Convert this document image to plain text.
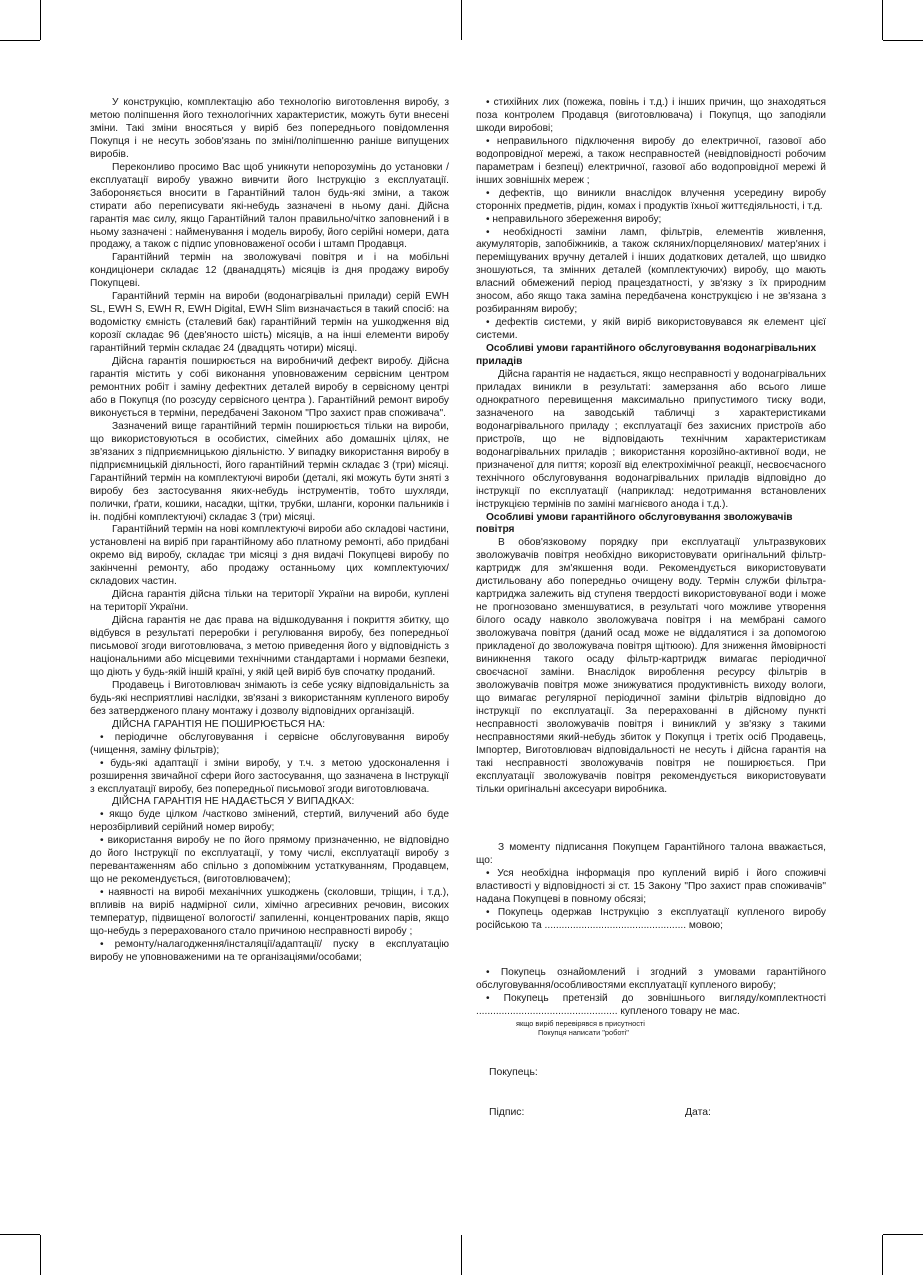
У конструкцію, комплектацію або технологію виготовлення виробу, з метою поліпшення його технологічних характеристик, можуть бути внесені зміни. Такі зміни вносяться у виріб без попереднього повідомлення Покупця і не несуть зобов'язань по зміні/поліпшенню раніше випущених виробів.

Переконливо просимо Вас щоб уникнути непорозумінь до установки /експлуатації виробу уважно вивчити його Інструкцію з експлуатації. Забороняється вносити в Гарантійний талон будь-які зміни, а також стирати або переписувати які-небудь зазначені в ньому дані. Дійсна гарантія має силу, якщо Гарантійний талон правильно/чітко заповнений і в ньому зазначені : найменування і модель виробу, його серійні номери, дата продажу, а також с підпис уповноваженої особи і штамп Продавця.

Гарантійний термін на зволожувачі повітря и і на мобільні кондиціонери складає 12 (дванадцять) місяців із дня продажу виробу Покупцеві.

Гарантійний термін на вироби (водонагрівальні прилади) серій EWH SL, EWH S, EWH R, EWH Digital, EWH Slim визначається в такий спосіб: на водомістку ємність (сталевий бак) гарантійний термін на ушкодження від корозії складає 96 (дев'яносто шість) місяців, а на інші елементи виробу гарантійний термін складає 24 (двадцять чотири) місяці.

Дійсна гарантія поширюється на виробничий дефект виробу. Дійсна гарантія містить у собі виконання уповноваженим сервісним центром ремонтних робіт і заміну дефектних деталей виробу в сервісному центрі або в Покупця (по розсуду сервісного центра ). Гарантійний ремонт виробу виконується в терміни, передбачені Законом "Про захист прав споживача".

Зазначений вище гарантійний термін поширюється тільки на вироби, що використовуються в особистих, сімейних або домашніх цілях, не зв'язаних з підприємницькою діяльністю. У випадку використання виробу в підприємницькій діяльності, його гарантійний термін складає 3 (три) місяці. Гарантійний термін на комплектуючі вироби (деталі, які можуть бути зняті з виробу без застосування яких-небудь інструментів, тобто шухляди, полички, ґрати, кошики, насадки, щітки, трубки, шланги, коронки пальників і ін. подібні комплектуючі) складає 3 (три) місяці.

Гарантійний термін на нові комплектуючі вироби або складові частини, установлені на виріб при гарантійному або платному ремонті, або придбані окремо від виробу, складає три місяці з дня видачі Покупцеві виробу по закінченні ремонту, або продажу останньому цих комплектуючих/складових частин.

Дійсна гарантія дійсна тільки на території України на вироби, куплені на території України.

Дійсна гарантія не дає права на відшкодування і покриття збитку, що відбувся в результаті переробки і регулювання виробу, без попередньої письмової згоди виготовлювача, з метою приведення його у відповідність з національними або місцевими технічними стандартами і нормами безпеки, що діють у будь-якій іншій країні, у якій цей виріб був спочатку проданий.

Продавець і Виготовлювач знімають із себе усяку відповідальність за будь-які несприятливі наслідки, зв'язані з використанням купленого виробу без затвердженого плану монтажу і дозволу відповідних організацій.

ДІЙСНА ГАРАНТІЯ НЕ ПОШИРЮЄТЬСЯ НА:

• періодичне обслуговування і сервісне обслуговування виробу (чищення, заміну фільтрів);

• будь-які адаптації і зміни виробу, у т.ч. з метою удосконалення і розширення звичайної сфери його застосування, що зазначена в Інструкції з експлуатації виробу, без попередньої письмової згоди виготовлювача.

ДІЙСНА ГАРАНТІЯ НЕ НАДАЄТЬСЯ У ВИПАДКАХ:

• якщо буде цілком /частково змінений, стертий, вилучений або буде нерозбірливий серійний номер виробу;

• використання виробу не по його прямому призначенню, не відповідно до його Інструкції по експлуатації, у тому числі, експлуатації виробу з перевантаженням або спільно з допоміжним устаткуванням, Продавцем, що не рекомендується, (виготовлювачем);

• наявності на виробі механічних ушкоджень (сколовши, тріщин, і т.д.), впливів на виріб надмірної сили, хімічно агресивних речовин, високих температур, підвищеної вологості/ запиленні, концентрованих парів, якщо що-небудь з перерахованого стало причиною несправності виробу ;

• ремонту/налагодження/інсталяції/адаптації/ пуску в експлуатацію виробу не уповноваженими на те організаціями/особами;

• стихійних лих (пожежа, повінь і т.д.) і інших причин, що знаходяться поза контролем Продавця (виготовлювача) і Покупця, що заподіяли шкоди виробові;

• неправильного підключення виробу до електричної, газової або водопровідної мережі, а також несправностей (невідповідності робочим параметрам і безпеці) електричної, газової або водопровідної мережі й інших зовнішніх мереж ;

• дефектів, що виникли внаслідок влучення усередину виробу сторонніх предметів, рідин, комах і продуктів їхньої життєдіяльності, і т.д.

• неправильного збереження виробу;

• необхідності заміни ламп, фільтрів, елементів живлення, акумуляторів, запобіжників, а також скляних/порцелянових/ матер'яних і переміщуваних вручну деталей і інших додаткових деталей, що швидко зношуються, та змінних деталей (комплектуючих) виробу, що мають власний обмежений період працездатності, у зв'язку з їх природним зносом, або якщо така заміна передбачена конструкцією і не зв'язана з розбиранням виробу;

• дефектів системи, у якій виріб використовувався як елемент цієї системи.

Особливі умови гарантійного обслуговування водонагрівальних приладів

Дійсна гарантія не надається, якщо несправності у водонагрівальних приладах виникли в результаті: замерзання або всього лише однократного перевищення максимально припустимого тиску води, зазначеного на заводській табличці з характеристиками водонагрівального приладу ; експлуатації без захисних пристроїв або пристроїв, що не відповідають технічним характеристикам водонагрівальних приладів ; використання корозійно-активної води, не призначеної для пиття; корозії від електрохімічної реакції, несвоєчасного технічного обслуговування водонагрівальних приладів відповідно до інструкції по експлуатації (наприклад: недотримання встановлених інструкцією термінів по заміні магнієвого анода і т.д.).

Особливі умови гарантійного обслуговування зволожувачів повітря

В обов'язковому порядку при експлуатації ультразвукових зволожувачів повітря необхідно використовувати оригінальний фільтр-картридж для зм'якшення води. Рекомендується використовувати дистильовану або попередньо очищену воду. Термін служби фільтра-картриджа залежить від ступеня твердості використовуваної води і може не прогнозовано зменшуватися, в результаті чого можливе утворення білого осаду навколо зволожувача повітря і на мембрані самого зволожувача повітря (даний осад може не віддалятися і за допомогою прикладеної до зволожувача повітря щітюою). Для зниження ймовірності виникнення такого осаду фільтр-картридж вимагає періодичної своєчасної заміни. Внаслідок вироблення ресурсу фільтрів в зволожувачів повітря може знижуватися продуктивність виходу вологи, що вимагає регулярної періодичної заміни фільтрів відповідно до інструкції по експлуатації. За перерахованні в дійсному пункті несправності зволожувачів повітря і виниклий у зв'язку з такими несправностями який-небудь збиток у Покупця і третіх осіб Продавець, Імпортер, Виготовлювач відповідальності не несуть і дійсна гарантія на такі несправності зволожувачів повітря не поширюється. При експлуатації зволожувачів повітря рекомендується використовувати тільки оригінальні аксесуари виробника.

З моменту підписання Покупцем Гарантійного талона вважається, що:

• Уся необхідна інформація про куплений виріб і його споживчі властивості у відповідності зі ст. 15 Закону "Про захист прав споживачів" надана Покупцеві в повному обсязі;

• Покупець одержав Інструкцію з експлуатації купленого виробу російською та .................................................. мовою;

• Покупець ознайомлений і згодний з умовами гарантійного обслуговування/особливостями експлуатації купленого виробу;

• Покупець претензій до зовнішнього вигляду/комплектності .................................................. купленого товару не мас.

якщо виріб перевірявся в присутності
Покупця написати "роботі"
Покупець:
Підпис:	Дата:
